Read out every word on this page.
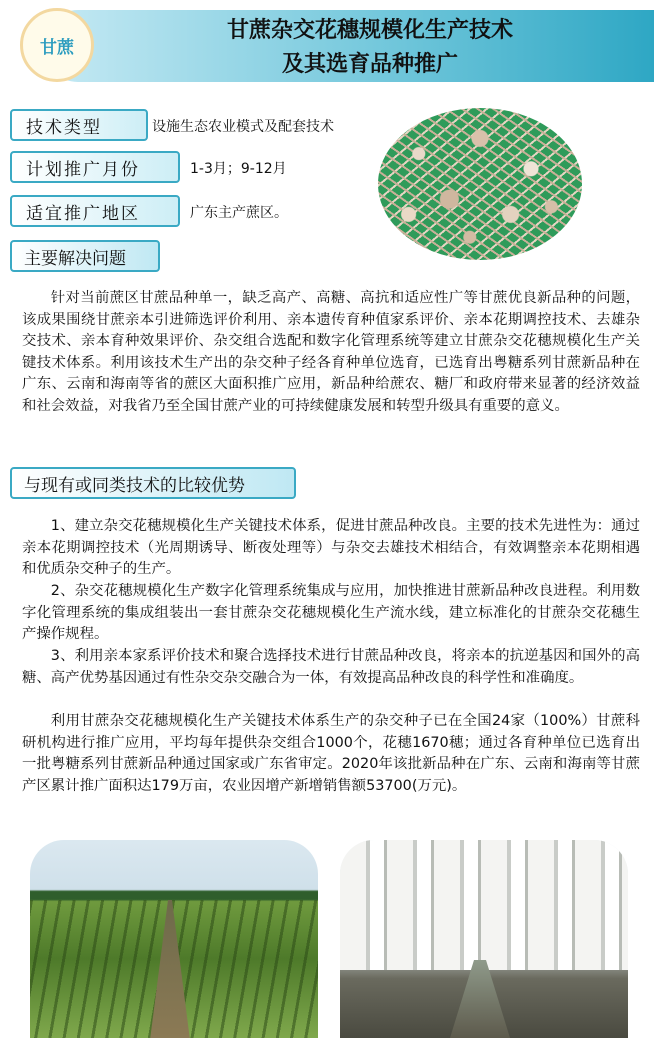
甘蔗
甘蔗杂交花穗规模化生产技术
及其选育品种推广
技术类型	设施生态农业模式及配套技术
计划推广月份	1-3月；9-12月
适宜推广地区	广东主产蔗区。
主要解决问题

针对当前蔗区甘蔗品种单一，缺乏高产、高糖、高抗和适应性广等甘蔗优良新品种的问题，该成果围绕甘蔗亲本引进筛选评价利用、亲本遗传育种值家系评价、亲本花期调控技术、去雄杂交技术、亲本育种效果评价、杂交组合选配和数字化管理系统等建立甘蔗杂交花穗规模化生产关键技术体系。利用该技术生产出的杂交种子经各育种单位选育，已选育出粤糖系列甘蔗新品种在广东、云南和海南等省的蔗区大面积推广应用，新品种给蔗农、糖厂和政府带来显著的经济效益和社会效益，对我省乃至全国甘蔗产业的可持续健康发展和转型升级具有重要的意义。

与现有或同类技术的比较优势

1、建立杂交花穗规模化生产关键技术体系，促进甘蔗品种改良。主要的技术先进性为：通过亲本花期调控技术（光周期诱导、断夜处理等）与杂交去雄技术相结合，有效调整亲本花期相遇和优质杂交种子的生产。

2、杂交花穗规模化生产数字化管理系统集成与应用，加快推进甘蔗新品种改良进程。利用数字化管理系统的集成组装出一套甘蔗杂交花穗规模化生产流水线，建立标准化的甘蔗杂交花穗生产操作规程。

3、利用亲本家系评价技术和聚合选择技术进行甘蔗品种改良，将亲本的抗逆基因和国外的高糖、高产优势基因通过有性杂交杂交融合为一体，有效提高品种改良的科学性和准确度。

利用甘蔗杂交花穗规模化生产关键技术体系生产的杂交种子已在全国24家（100%）甘蔗科研机构进行推广应用，平均每年提供杂交组合1000个，花穗1670穗；通过各育种单位已选育出一批粤糖系列甘蔗新品种通过国家或广东省审定。2020年该批新品种在广东、云南和海南等甘蔗产区累计推广面积达179万亩，农业因增产新增销售额53700(万元)。
